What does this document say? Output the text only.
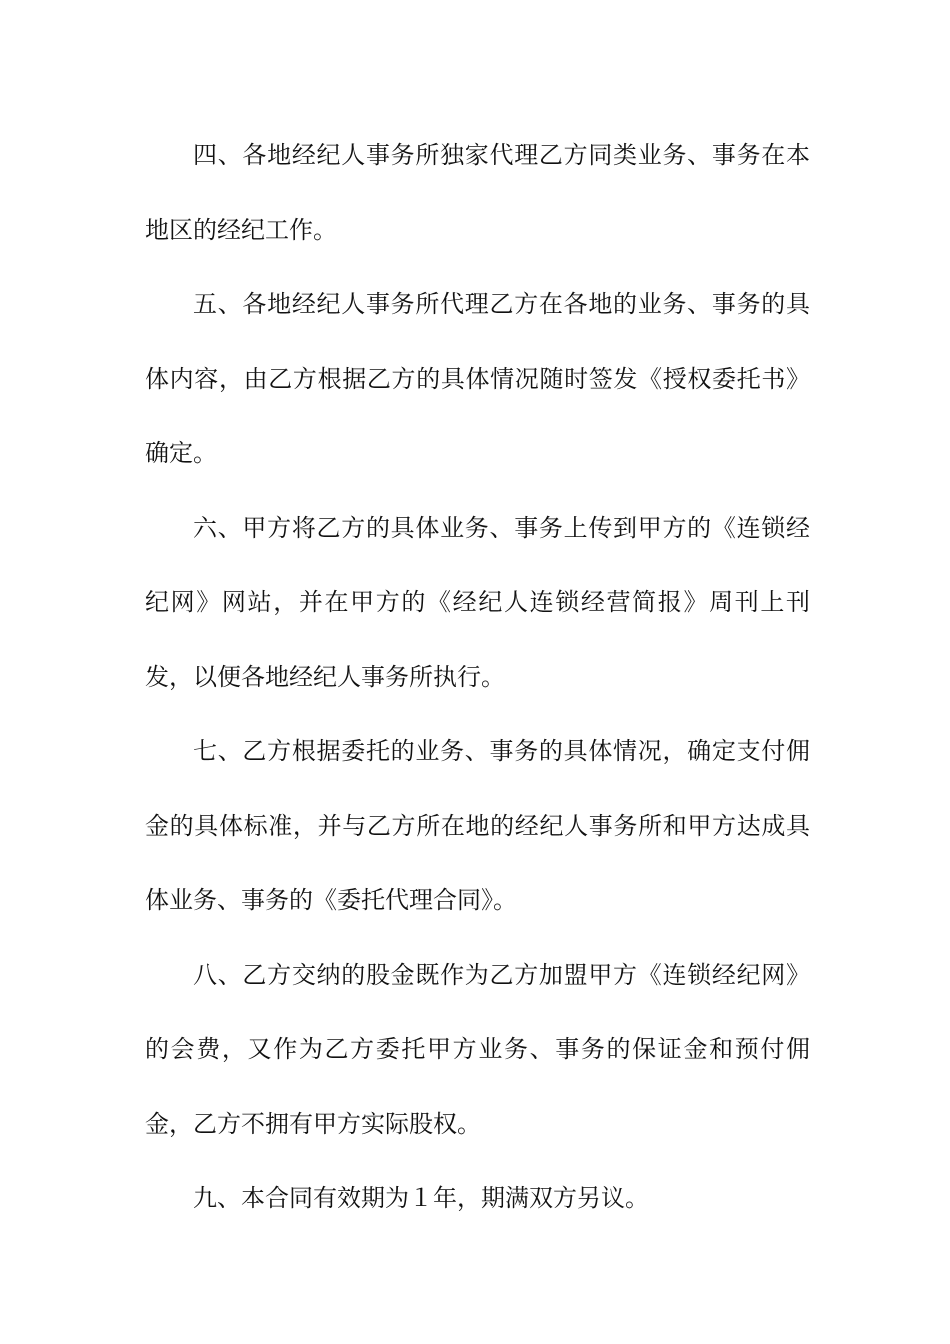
四、各地经纪人事务所独家代理乙方同类业务、事务在本地区的经纪工作。

五、各地经纪人事务所代理乙方在各地的业务、事务的具体内容，由乙方根据乙方的具体情况随时签发《授权委托书》确定。

六、甲方将乙方的具体业务、事务上传到甲方的《连锁经纪网》网站，并在甲方的《经纪人连锁经营简报》周刊上刊发，以便各地经纪人事务所执行。

七、乙方根据委托的业务、事务的具体情况，确定支付佣金的具体标准，并与乙方所在地的经纪人事务所和甲方达成具体业务、事务的《委托代理合同》。

八、乙方交纳的股金既作为乙方加盟甲方《连锁经纪网》的会费，又作为乙方委托甲方业务、事务的保证金和预付佣金，乙方不拥有甲方实际股权。

九、本合同有效期为１年，期满双方另议。
